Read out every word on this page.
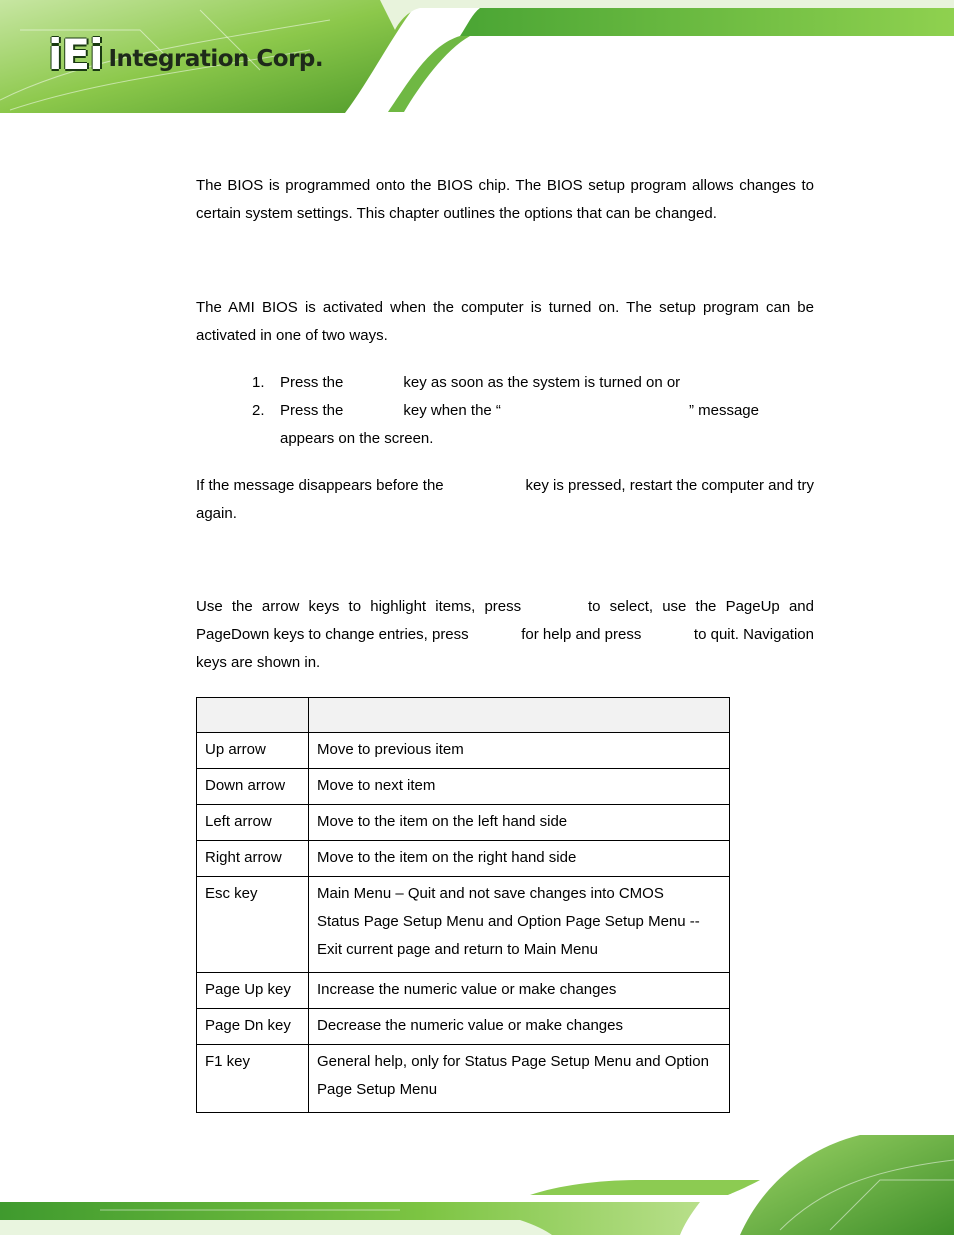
iEi Integration Corp.

The BIOS is programmed onto the BIOS chip. The BIOS setup program allows changes to certain system settings. This chapter outlines the options that can be changed.

The AMI BIOS is activated when the computer is turned on. The setup program can be activated in one of two ways.

1. Press the	key as soon as the system is turned on or
2. Press the	key when the “	” message
appears on the screen.
If the message disappears before the	key is pressed, restart the computer and try
again.
Use the arrow keys to highlight items, press	to select, use the PageUp and
PageDown keys to change entries, press	for help and press	to quit. Navigation
keys are shown in.

Up arrow	Move to previous item
Down arrow	Move to next item
Left arrow	Move to the item on the left hand side
Right arrow	Move to the item on the right hand side
Esc key	Main Menu – Quit and not save changes into CMOS
Status Page Setup Menu and Option Page Setup Menu -- Exit current page and return to Main Menu

Page Up key	Increase the numeric value or make changes
Page Dn key	Decrease the numeric value or make changes
F1 key	General help, only for Status Page Setup Menu and Option Page Setup Menu
